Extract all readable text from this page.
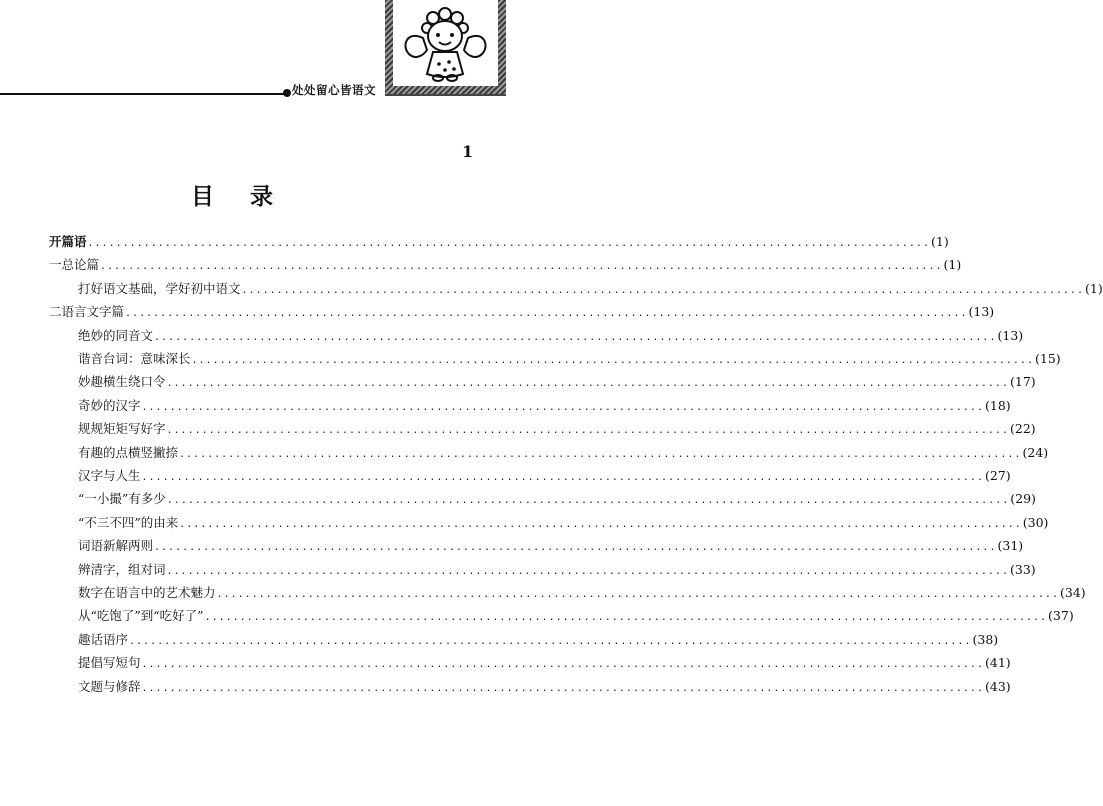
处处留心皆语文
1
目录
开篇语 ........................................................................................................................ (1)
一 总论篇 ........................................................................................................................ (1)
打好语文基础，学好初中语文 ........................................................................................................................ (1)
二 语言文字篇 ........................................................................................................................ (13)
绝妙的同音文 ........................................................................................................................ (13)
谐音台词：意味深长 ........................................................................................................................ (15)
妙趣横生绕口令 ........................................................................................................................ (17)
奇妙的汉字 ........................................................................................................................ (18)
规规矩矩写好字 ........................................................................................................................ (22)
有趣的点横竖撇捺 ........................................................................................................................ (24)
汉字与人生 ........................................................................................................................ (27)
“一小撮”有多少 ........................................................................................................................ (29)
“不三不四”的由来 ........................................................................................................................ (30)
词语新解两则 ........................................................................................................................ (31)
辨清字，组对词 ........................................................................................................................ (33)
数字在语言中的艺术魅力 ........................................................................................................................ (34)
从“吃饱了”到“吃好了” ........................................................................................................................ (37)
趣话语序 ........................................................................................................................ (38)
提倡写短句 ........................................................................................................................ (41)
文题与修辞 ........................................................................................................................ (43)
